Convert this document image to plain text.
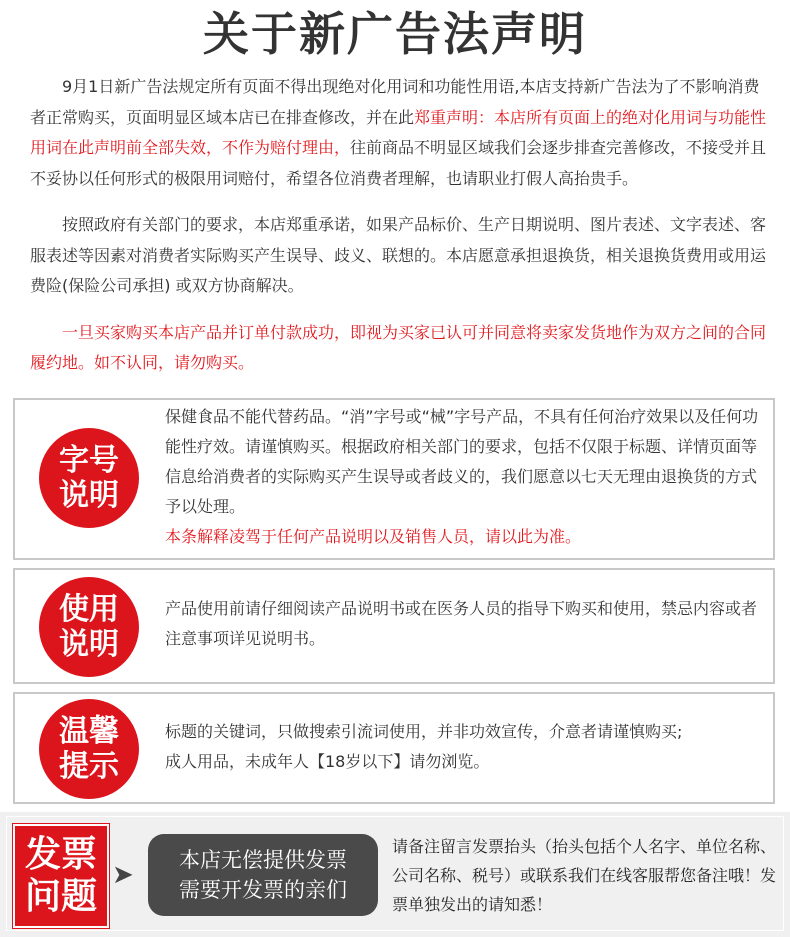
关于新广告法声明

9月1日新广告法规定所有页面不得出现绝对化用词和功能性用语,本店支持新广告法为了不影响消费者正常购买，页面明显区域本店已在排查修改，并在此郑重声明：本店所有页面上的绝对化用词与功能性用词在此声明前全部失效，不作为赔付理由，往前商品不明显区域我们会逐步排查完善修改，不接受并且不妥协以任何形式的极限用词赔付，希望各位消费者理解，也请职业打假人高抬贵手。

按照政府有关部门的要求，本店郑重承诺，如果产品标价、生产日期说明、图片表述、文字表述、客服表述等因素对消费者实际购买产生误导、歧义、联想的。本店愿意承担退换货，相关退换货费用或用运费险(保险公司承担) 或双方协商解决。

一旦买家购买本店产品并订单付款成功，即视为买家已认可并同意将卖家发货地作为双方之间的合同履约地。如不认同，请勿购买。

字号
说明
保健食品不能代替药品。“消”字号或“械”字号产品，不具有任何治疗效果以及任何功能性疗效。请谨慎购买。根据政府相关部门的要求，包括不仅限于标题、详情页面等信息给消费者的实际购买产生误导或者歧义的，我们愿意以七天无理由退换货的方式予以处理。
本条解释凌驾于任何产品说明以及销售人员，请以此为准。
使用
说明
产品使用前请仔细阅读产品说明书或在医务人员的指导下购买和使用，禁忌内容或者注意事项详见说明书。
温馨
提示
标题的关键词，只做搜索引流词使用，并非功效宣传，介意者请谨慎购买;
成人用品，未成年人【18岁以下】请勿浏览。
发票
问题
➤	本店无偿提供发票
需要开发票的亲们
请备注留言发票抬头（抬头包括个人名字、单位名称、公司名称、税号）或联系我们在线客服帮您备注哦！发票单独发出的请知悉！
